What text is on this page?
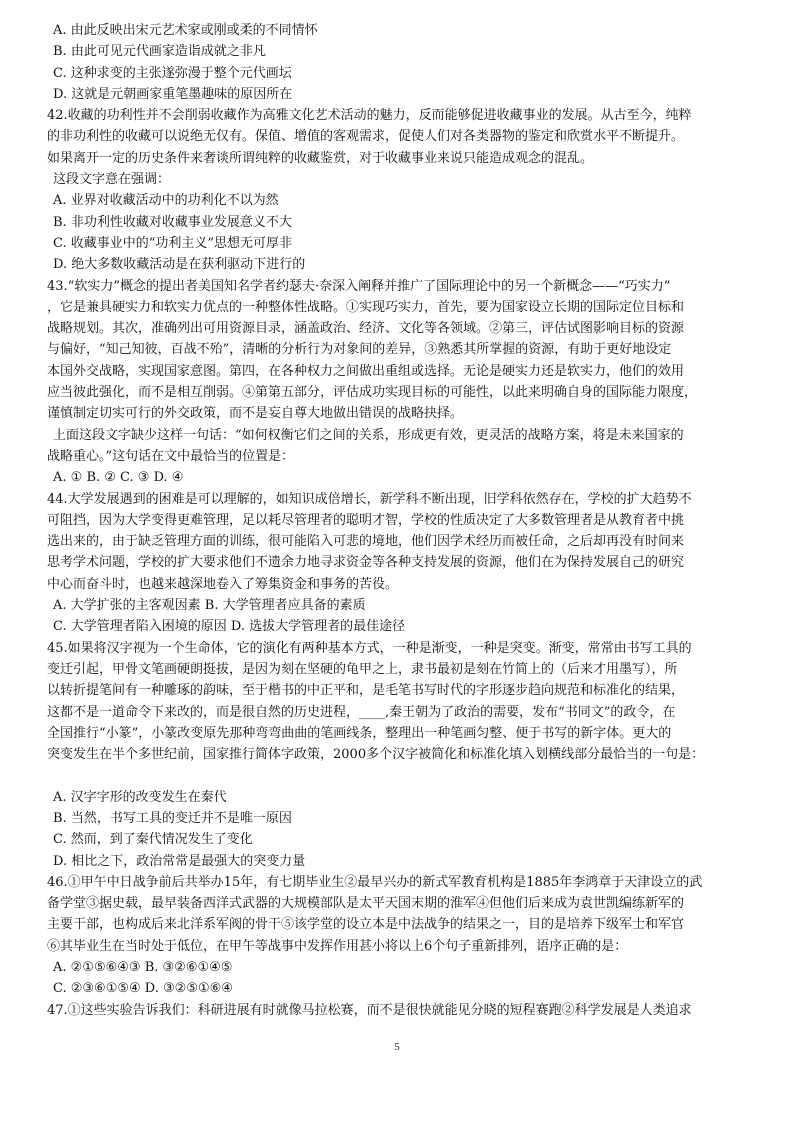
A. 由此反映出宋元艺术家或刚或柔的不同情怀
B. 由此可见元代画家造诣成就之非凡
C. 这种求变的主张遂弥漫于整个元代画坛
D. 这就是元朝画家重笔墨趣味的原因所在
42.收藏的功利性并不会削弱收藏作为高雅文化艺术活动的魅力，反而能够促进收藏事业的发展。从古至今，纯粹
的非功利性的收藏可以说绝无仅有。保值、增值的客观需求，促使人们对各类器物的鉴定和欣赏水平不断提升。
如果离开一定的历史条件来奢谈所谓纯粹的收藏鉴赏，对于收藏事业来说只能造成观念的混乱。
这段文字意在强调：
A. 业界对收藏活动中的功利化不以为然
B. 非功利性收藏对收藏事业发展意义不大
C. 收藏事业中的“功利主义”思想无可厚非
D. 绝大多数收藏活动是在获利驱动下进行的
43.“软实力”概念的提出者美国知名学者约瑟夫·奈深入阐释并推广了国际理论中的另一个新概念——“巧实力”
，它是兼具硬实力和软实力优点的一种整体性战略。①实现巧实力，首先，要为国家设立长期的国际定位目标和
战略规划。其次，准确列出可用资源目录，涵盖政治、经济、文化等各领域。②第三，评估试图影响目标的资源
与偏好，“知己知彼，百战不殆”，清晰的分析行为对象间的差异，③熟悉其所掌握的资源，有助于更好地设定
本国外交战略，实现国家意图。第四，在各种权力之间做出重组或选择。无论是硬实力还是软实力，他们的效用
应当彼此强化，而不是相互削弱。④第第五部分，评估成功实现目标的可能性，以此来明确自身的国际能力限度，
谨慎制定切实可行的外交政策，而不是妄自尊大地做出错误的战略抉择。
上面这段文字缺少这样一句话：“如何权衡它们之间的关系，形成更有效，更灵活的战略方案，将是未来国家的
战略重心。”这句话在文中最恰当的位置是：
A. ① B. ② C. ③ D. ④
44.大学发展遇到的困难是可以理解的，如知识成倍增长，新学科不断出现，旧学科依然存在，学校的扩大趋势不
可阻挡，因为大学变得更难管理，足以耗尽管理者的聪明才智，学校的性质决定了大多数管理者是从教育者中挑
选出来的，由于缺乏管理方面的训练，很可能陷入可悲的境地，他们因学术经历而被任命，之后却再没有时间来
思考学术问题，学校的扩大要求他们不遗余力地寻求资金等各种支持发展的资源，他们在为保持发展自己的研究
中心而奋斗时，也越来越深地卷入了筹集资金和事务的苦役。
A. 大学扩张的主客观因素 B. 大学管理者应具备的素质
C. 大学管理者陷入困境的原因 D. 选拔大学管理者的最佳途径
45.如果将汉字视为一个生命体，它的演化有两种基本方式，一种是渐变，一种是突变。渐变，常常由书写工具的
变迁引起，甲骨文笔画硬朗挺拔，是因为刻在坚硬的龟甲之上，隶书最初是刻在竹简上的（后来才用墨写），所
以转折提笔间有一种雕琢的韵味，至于楷书的中正平和，是毛笔书写时代的字形逐步趋向规范和标准化的结果，
这都不是一道命令下来改的，而是很自然的历史进程，____,秦王朝为了政治的需要，发布“书同文”的政令，在
全国推行“小篆”，小篆改变原先那种弯弯曲曲的笔画线条，整理出一种笔画匀整、便于书写的新字体。更大的
突变发生在半个多世纪前，国家推行简体字政策，2000多个汉字被简化和标准化填入划横线部分最恰当的一句是：
A. 汉字字形的改变发生在秦代
B. 当然，书写工具的变迁并不是唯一原因
C. 然而，到了秦代情况发生了变化
D. 相比之下，政治常常是最强大的突变力量
46.①甲午中日战争前后共举办15年，有七期毕业生②最早兴办的新式军教育机构是1885年李鸿章于天津设立的武
备学堂③据史载，最早装备西洋式武器的大规模部队是太平天国末期的淮军④但他们后来成为袁世凯编练新军的
主要干部，也构成后来北洋系军阀的骨干⑤该学堂的设立本是中法战争的结果之一，目的是培养下级军士和军官
⑥其毕业生在当时处于低位，在甲午等战事中发挥作用甚小将以上6个句子重新排列，语序正确的是：
A. ②①⑤⑥④③ B. ③②⑥①④⑤
C. ②③⑥①⑤④ D. ③②⑤①⑥④
47.①这些实验告诉我们：科研进展有时就像马拉松赛，而不是很快就能见分晓的短程赛跑②科学发展是人类追求
5
